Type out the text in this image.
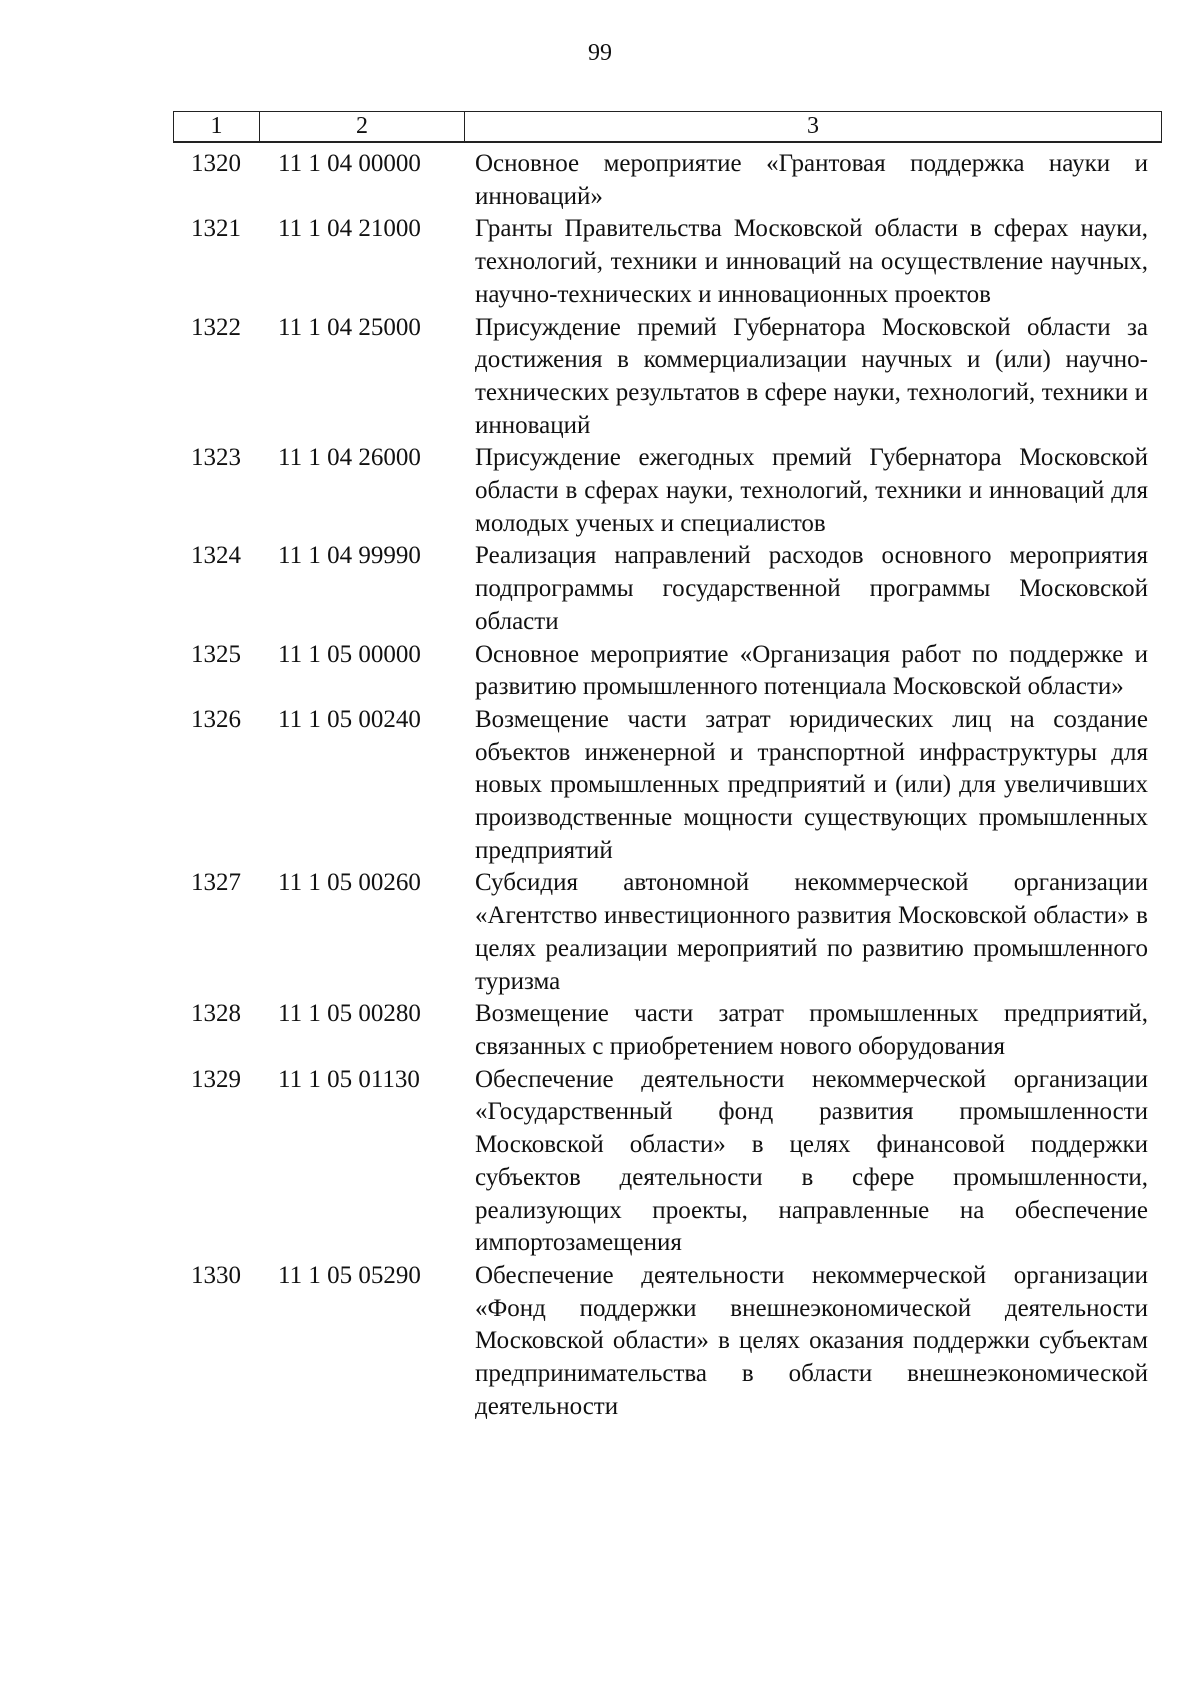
99
1	2	3
1320	11 1 04 00000	Основное мероприятие «Грантовая поддержка науки и инноваций»
1321	11 1 04 21000	Гранты Правительства Московской области в сферах науки, технологий, техники и инноваций на осуществление научных, научно-технических и инновационных проектов
1322	11 1 04 25000	Присуждение премий Губернатора Московской области за достижения в коммерциализации научных и (или) научно-технических результатов в сфере науки, технологий, техники и инноваций
1323	11 1 04 26000	Присуждение ежегодных премий Губернатора Московской области в сферах науки, технологий, техники и инноваций для молодых ученых и специалистов
1324	11 1 04 99990	Реализация направлений расходов основного мероприятия подпрограммы государственной программы Московской области
1325	11 1 05 00000	Основное мероприятие «Организация работ по поддержке и развитию промышленного потенциала Московской области»
1326	11 1 05 00240	Возмещение части затрат юридических лиц на создание объектов инженерной и транспортной инфраструктуры для новых промышленных предприятий и (или) для увеличивших производственные мощности существующих промышленных предприятий
1327	11 1 05 00260	Субсидия автономной некоммерческой организации «Агентство инвестиционного развития Московской области» в целях реализации мероприятий по развитию промышленного туризма
1328	11 1 05 00280	Возмещение части затрат промышленных предприятий, связанных с приобретением нового оборудования
1329	11 1 05 01130	Обеспечение деятельности некоммерческой организации «Государственный фонд развития промышленности Московской области» в целях финансовой поддержки субъектов деятельности в сфере промышленности, реализующих проекты, направленные на обеспечение импортозамещения
1330	11 1 05 05290	Обеспечение деятельности некоммерческой организации «Фонд поддержки внешнеэкономической деятельности Московской области» в целях оказания поддержки субъектам предпринимательства в области внешнеэкономической деятельности
